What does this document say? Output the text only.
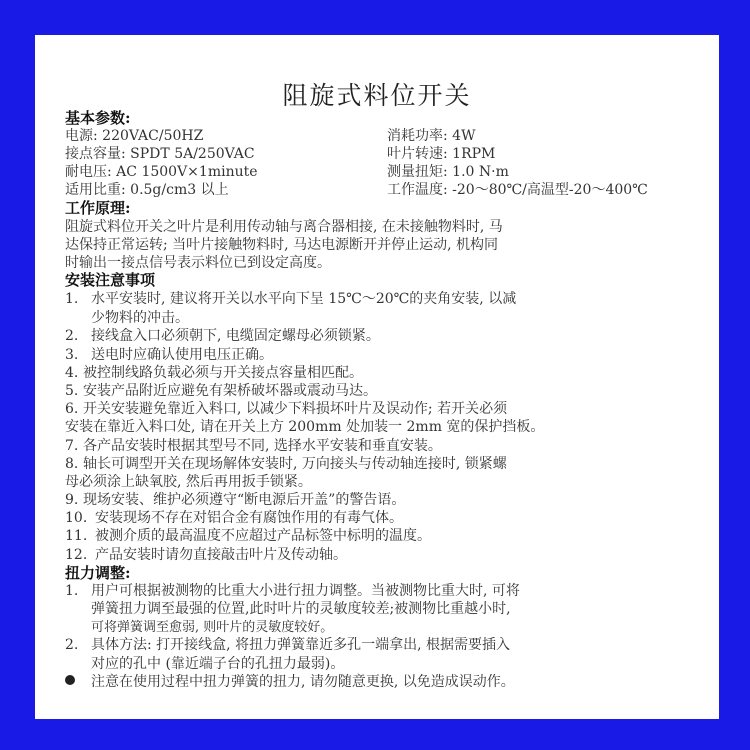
阻旋式料位开关
基本参数:
电源: 220VAC/50HZ	消耗功率: 4W
接点容量: SPDT 5A/250VAC	叶片转速: 1RPM
耐电压: AC 1500V×1minute	测量扭矩: 1.0 N·m
适用比重: 0.5g/cm3 以上	工作温度: -20～80℃/高温型-20～400℃
工作原理:
阻旋式料位开关之叶片是利用传动轴与离合器相接, 在未接触物料时, 马
达保持正常运转; 当叶片接触物料时, 马达电源断开并停止运动, 机构同
时输出一接点信号表示料位已到设定高度。
安装注意事项
1. 水平安装时, 建议将开关以水平向下呈 15℃～20℃的夹角安装, 以减
少物料的冲击。
2. 接线盒入口必须朝下, 电缆固定螺母必须锁紧。
3. 送电时应确认使用电压正确。
4. 被控制线路负载必须与开关接点容量相匹配。
5. 安装产品附近应避免有架桥破坏器或震动马达。
6. 开关安装避免靠近入料口, 以减少下料损坏叶片及误动作; 若开关必须
安装在靠近入料口处, 请在开关上方 200mm 处加装一 2mm 宽的保护挡板。
7. 各产品安装时根据其型号不同, 选择水平安装和垂直安装。
8. 轴长可调型开关在现场解体安装时, 万向接头与传动轴连接时, 锁紧螺
母必须涂上缺氧胶, 然后再用扳手锁紧。
9. 现场安装、维护必须遵守“断电源后开盖”的警告语。
10. 安装现场不存在对铝合金有腐蚀作用的有毒气体。
11. 被测介质的最高温度不应超过产品标签中标明的温度。
12. 产品安装时请勿直接敲击叶片及传动轴。
扭力调整:
1. 用户可根据被测物的比重大小进行扭力调整。当被测物比重大时, 可将
弹簧扭力调至最强的位置,此时叶片的灵敏度较差;被测物比重越小时,
可将弹簧调至愈弱, 则叶片的灵敏度较好。
2. 具体方法: 打开接线盒, 将扭力弹簧靠近多孔一端拿出, 根据需要插入
对应的孔中 (靠近端子台的孔扭力最弱)。
注意在使用过程中扭力弹簧的扭力, 请勿随意更换, 以免造成误动作。
